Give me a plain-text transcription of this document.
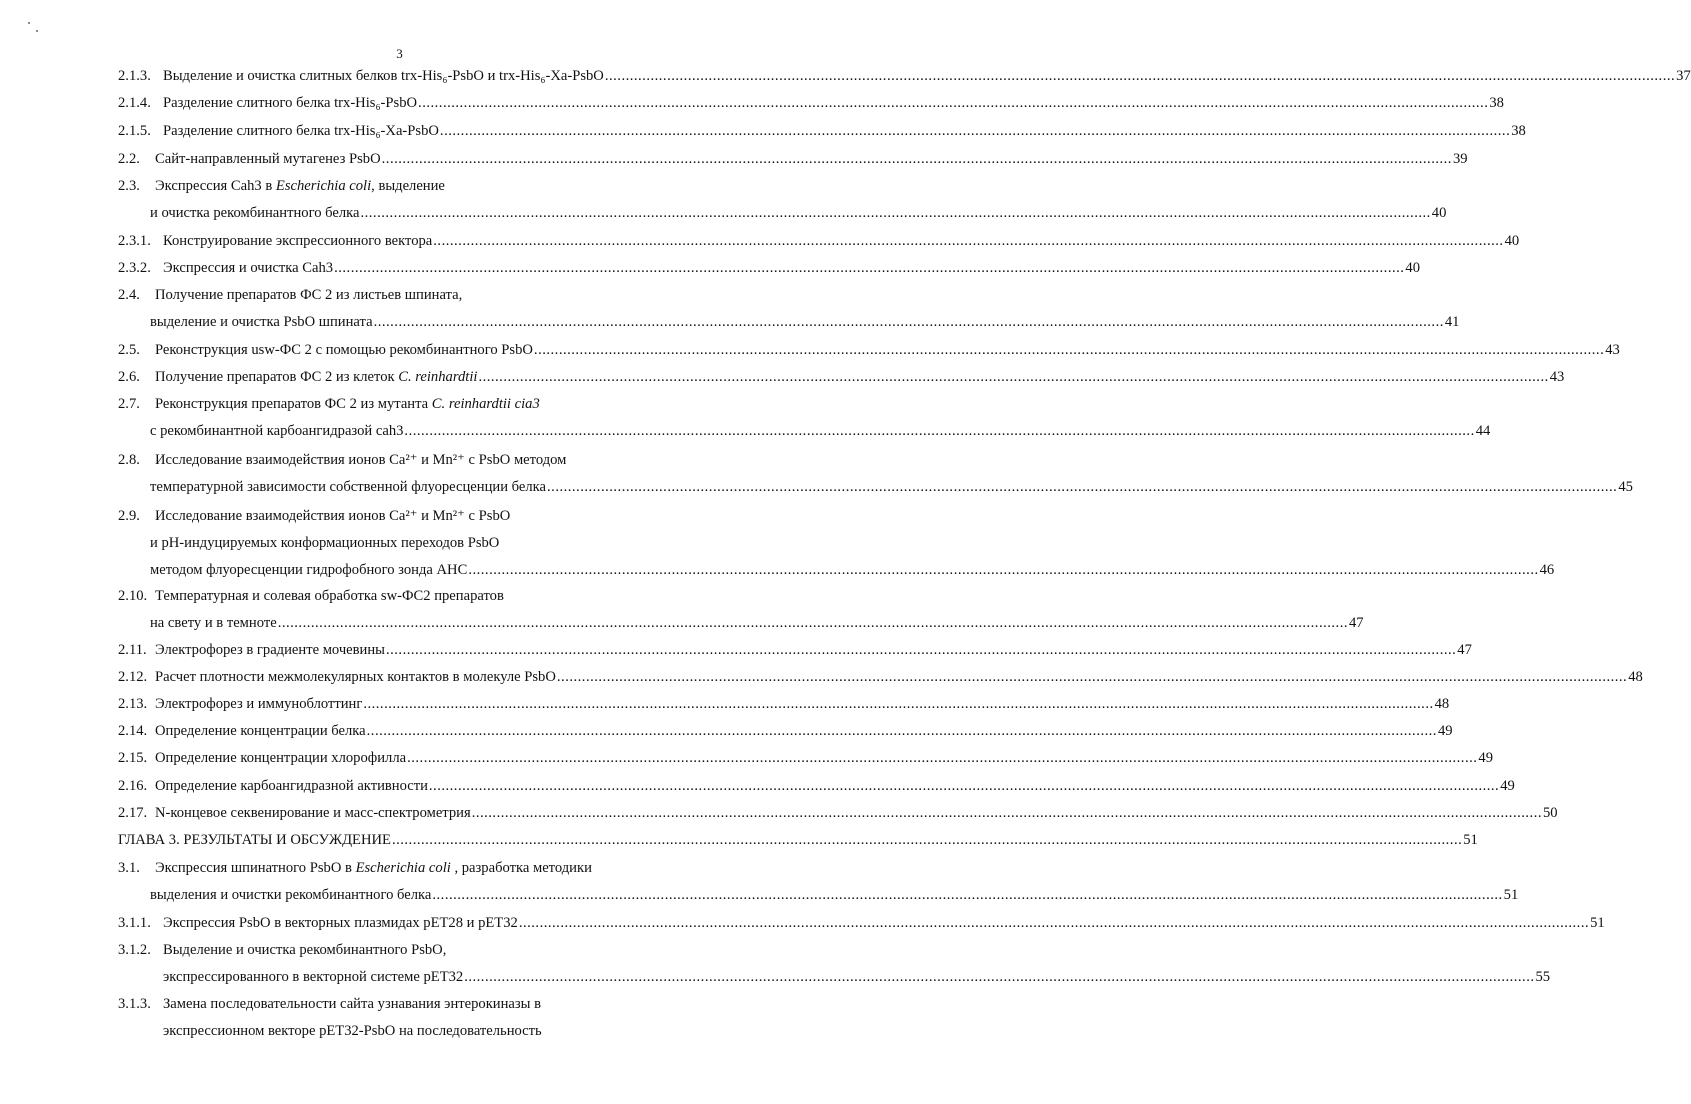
3
2.1.3. Выделение и очистка слитных белков trx-His₆-PsbO и trx-His₆-Xa-PsbO .....	37
2.1.4. Разделение слитного белка trx-His₆-PsbO .....	38
2.1.5. Разделение слитного белка trx-His₆-Xa-PsbO .....	38
2.2. Сайт-направленный мутагенез PsbO .....	39
2.3. Экспрессия Cah3 в Escherichia coli, выделение
и очистка рекомбинантного белка .....	40
2.3.1. Конструирование экспрессионного вектора .....	40
2.3.2. Экспрессия и очистка Cah3 .....	40
2.4. Получение препаратов ФС 2 из листьев шпината,
выделение и очистка PsbO шпината .....	41
2.5. Реконструкция usw-ФС 2 с помощью рекомбинантного PsbO .....	43
2.6. Получение препаратов ФС 2 из клеток C. reinhardtii .....	43
2.7. Реконструкция препаратов ФС 2 из мутанта C. reinhardtii cia3
с рекомбинантной карбоангидразой cah3 .....	44
2.8. Исследование взаимодействия ионов Ca²⁺ и Mn²⁺ с PsbO методом
температурной зависимости собственной флуоресценции белка .....	45
2.9. Исследование взаимодействия ионов Ca²⁺ и Mn²⁺ с PsbO
и pH-индуцируемых конформационных переходов PsbO
методом флуоресценции гидрофобного зонда АНС .....	46
2.10. Температурная и солевая обработка sw-ФС2 препаратов
на свету и в темноте .....	47
2.11. Электрофорез в градиенте мочевины .....	47
2.12. Расчет плотности межмолекулярных контактов в молекуле PsbO .....	48
2.13. Электрофорез и иммуноблоттинг .....	48
2.14. Определение концентрации белка .....	49
2.15. Определение концентрации хлорофилла .....	49
2.16. Определение карбоангидразной активности .....	49
2.17. N-концевое секвенирование и масс-спектрометрия .....	50
ГЛАВА 3. РЕЗУЛЬТАТЫ И ОБСУЖДЕНИЕ .....	51
3.1. Экспрессия шпинатного PsbO в Escherichia coli , разработка методики
выделения и очистки рекомбинантного белка .....	51
3.1.1. Экспрессия PsbO в векторных плазмидах pET28 и pET32 .....	51
3.1.2. Выделение и очистка рекомбинантного PsbO,
экспрессированного в векторной системе pET32 .....	55
3.1.3. Замена последовательности сайта узнавания энтерокиназы в
экспрессионном векторе pET32-PsbO на последовательность
